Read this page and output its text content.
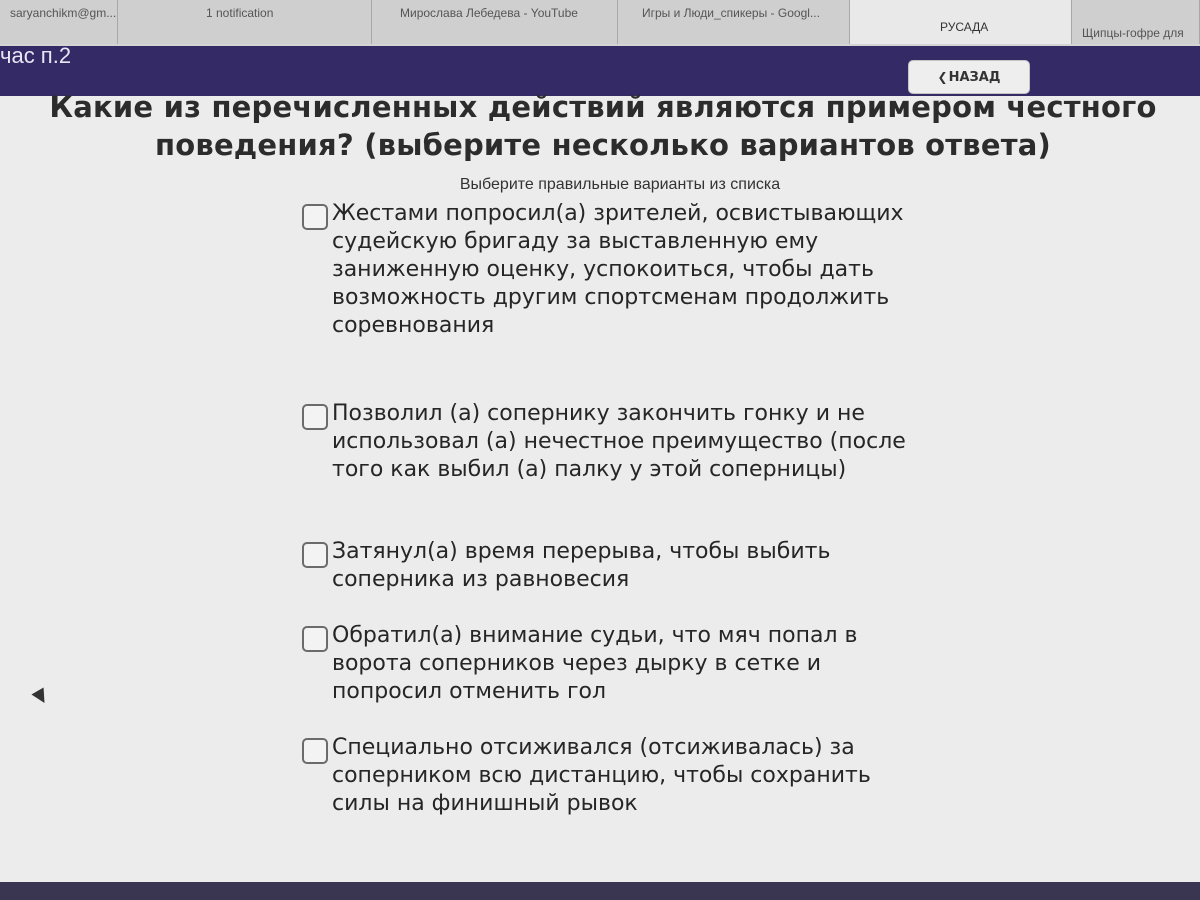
saryanchikm@gm...	1 notification	Мирослава Лебедева - YouTube	Игры и Люди_спикеры - Googl...
РУСАДА	Щипцы-гофре для
час п.2
❮НАЗАД
Какие из перечисленных действий являются примером честного поведения? (выберите несколько вариантов ответа)
Выберите правильные варианты из списка
Жестами попросил(а) зрителей, освистывающих судейскую бригаду за выставленную ему заниженную оценку, успокоиться, чтобы дать возможность другим спортсменам продолжить соревнования
Позволил (а) сопернику закончить гонку и не использовал (а) нечестное преимущество (после того как выбил (а) палку у этой соперницы)
Затянул(а) время перерыва, чтобы выбить соперника из равновесия
Обратил(а) внимание судьи, что мяч попал в ворота соперников через дырку в сетке и попросил отменить гол
Специально отсиживался (отсиживалась) за соперником всю дистанцию, чтобы сохранить силы на финишный рывок
